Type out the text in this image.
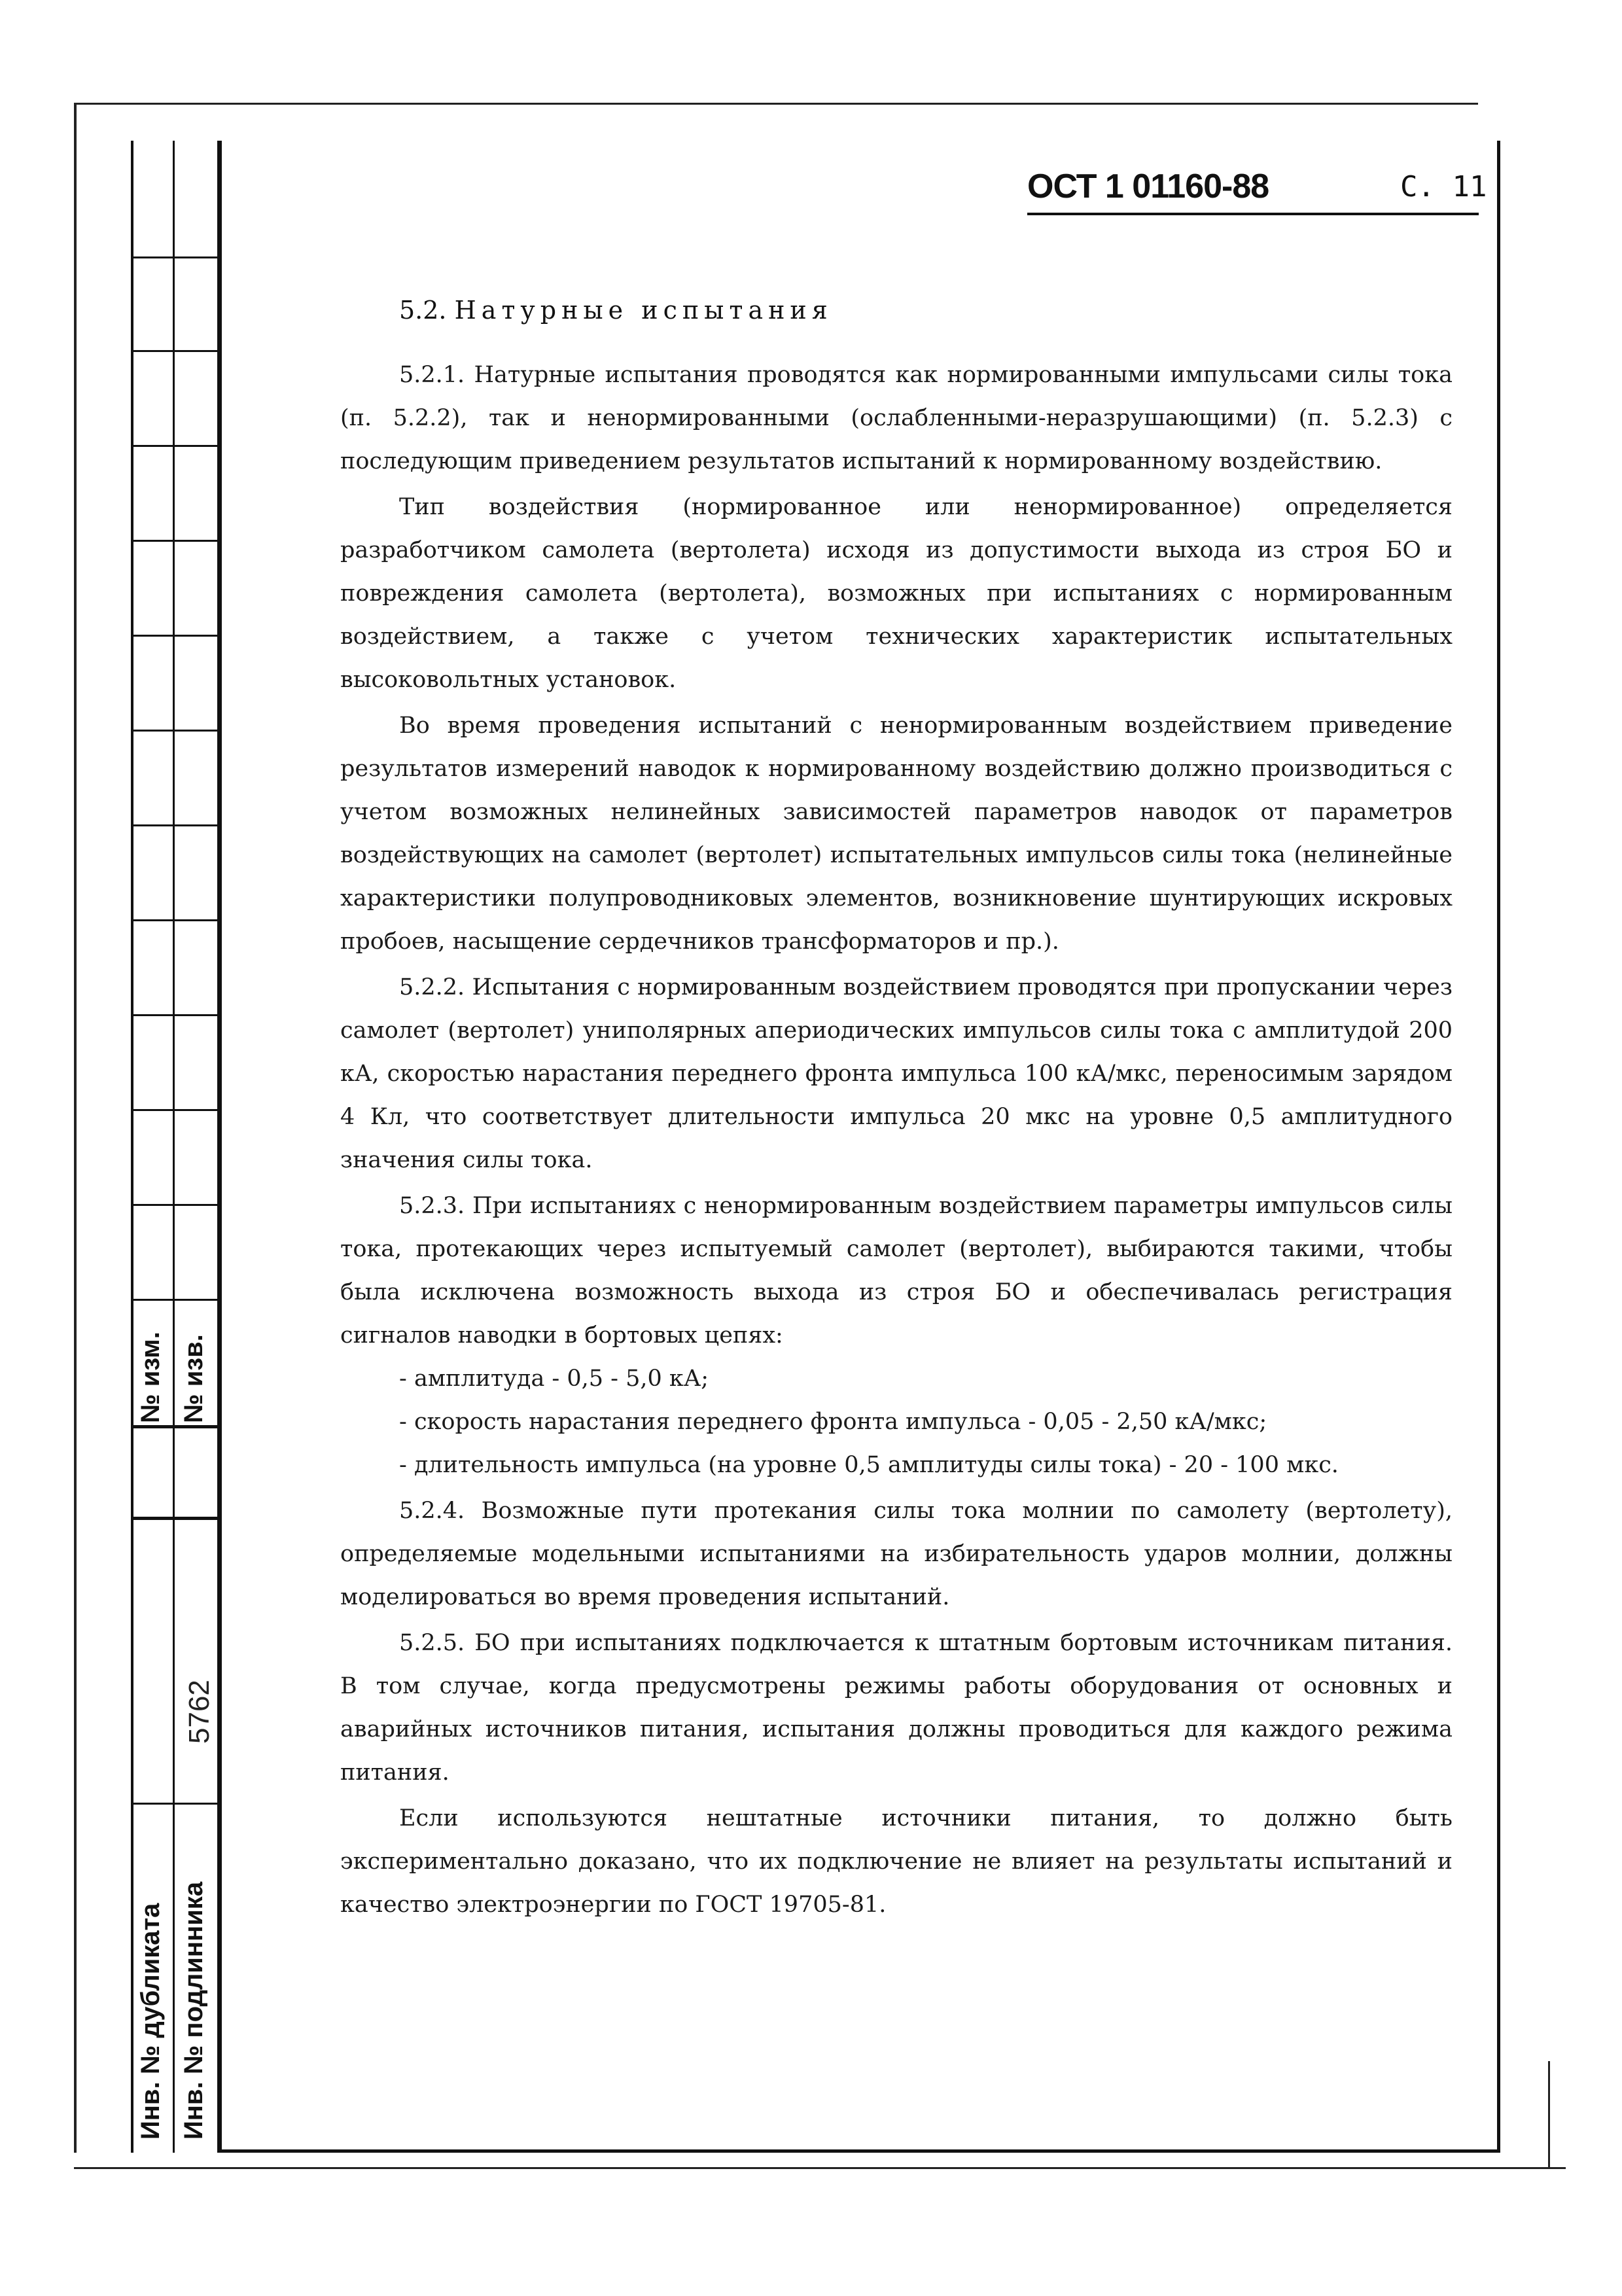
№ изм. № изв.
5762
Инв. № дубликата Инв. № подлинника
ОСТ 1 01160-88	С. 11
5.2. Натурные испытания

5.2.1. Натурные испытания проводятся как нормированными импульсами силы тока (п. 5.2.2), так и ненормированными (ослабленными-неразрушающими) (п. 5.2.3) с последующим приведением результатов испытаний к нормированному воздействию.

Тип воздействия (нормированное или ненормированное) определяется разработчиком самолета (вертолета) исходя из допустимости выхода из строя БО и повреждения самолета (вертолета), возможных при испытаниях с нормированным воздействием, а также с учетом технических характеристик испытательных высоковольтных установок.

Во время проведения испытаний с ненормированным воздействием приведение результатов измерений наводок к нормированному воздействию должно производиться с учетом возможных нелинейных зависимостей параметров наводок от параметров воздействующих на самолет (вертолет) испытательных импульсов силы тока (нелинейные характеристики полупроводниковых элементов, возникновение шунтирующих искровых пробоев, насыщение сердечников трансформаторов и пр.).

5.2.2. Испытания с нормированным воздействием проводятся при пропускании через самолет (вертолет) униполярных апериодических импульсов силы тока с амплитудой 200 кА, скоростью нарастания переднего фронта импульса 100 кА/мкс, переносимым зарядом 4 Кл, что соответствует длительности импульса 20 мкс на уровне 0,5 амплитудного значения силы тока.

5.2.3. При испытаниях с ненормированным воздействием параметры импульсов силы тока, протекающих через испытуемый самолет (вертолет), выбираются такими, чтобы была исключена возможность выхода из строя БО и обеспечивалась регистрация сигналов наводки в бортовых цепях:

- амплитуда - 0,5 - 5,0 кА;

- скорость нарастания переднего фронта импульса - 0,05 - 2,50 кА/мкс;

- длительность импульса (на уровне 0,5 амплитуды силы тока) - 20 - 100 мкс.

5.2.4. Возможные пути протекания силы тока молнии по самолету (вертолету), определяемые модельными испытаниями на избирательность ударов молнии, должны моделироваться во время проведения испытаний.

5.2.5. БО при испытаниях подключается к штатным бортовым источникам питания. В том случае, когда предусмотрены режимы работы оборудования от основных и аварийных источников питания, испытания должны проводиться для каждого режима питания.

Если используются нештатные источники питания, то должно быть экспериментально доказано, что их подключение не влияет на результаты испытаний и качество электроэнергии по ГОСТ 19705-81.
